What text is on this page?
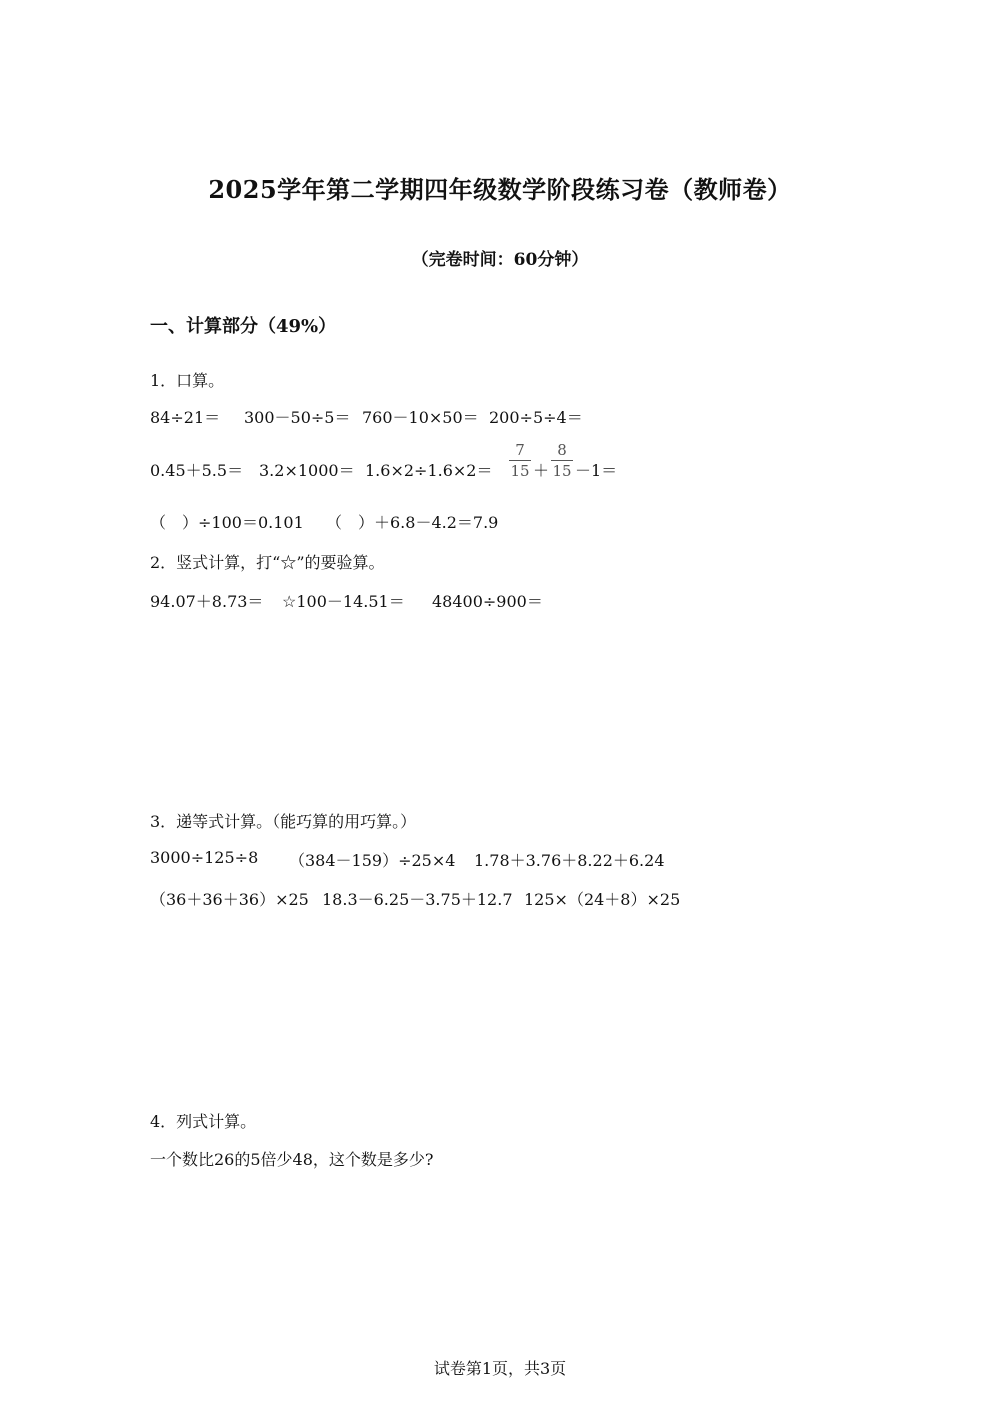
2025学年第二学期四年级数学阶段练习卷（教师卷）
（完卷时间：60分钟）
一、计算部分（49%）
1．口算。
84÷21＝ 300－50÷5＝ 760－10×50＝ 200÷5÷4＝
$0.45+5.5= 3.2\times 1000= 1.6\times 2\div 1.6\times 2= \frac{7}{15} + \frac{8}{15} -1=$
（　）÷100＝0.101 （　）＋6.8－4.2＝7.9
2．竖式计算，打“☆”的要验算。
94.07＋8.73＝ ☆100－14.51＝ 48400÷900＝
3．递等式计算。（能巧算的用巧算。）
3000÷125÷8 （384－159）÷25×4 1.78＋3.76＋8.22＋6.24
（36＋36＋36）×25 18.3－6.25－3.75＋12.7 125×（24＋8）×25
4．列式计算。
一个数比26的5倍少48，这个数是多少?
试卷第1页，共3页
